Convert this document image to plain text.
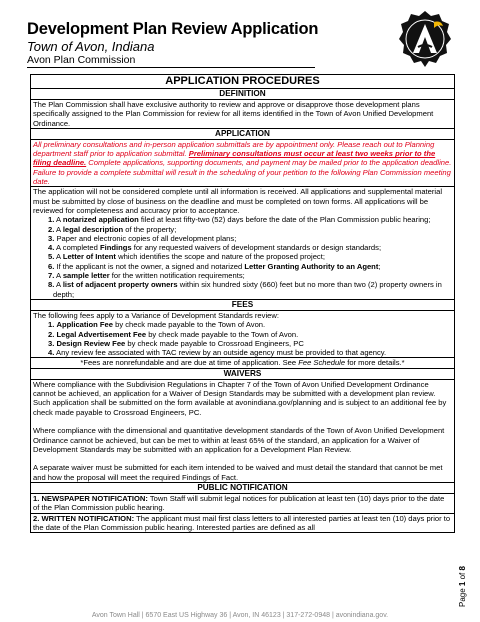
Development Plan Review Application
Town of Avon, Indiana
Avon Plan Commission
APPLICATION PROCEDURES
DEFINITION
The Plan Commission shall have exclusive authority to review and approve or disapprove those development plans specifically assigned to the Plan Commission for review for all items identified in the Town of Avon Unified Development Ordinance.
APPLICATION
All preliminary consultations and in-person application submittals are by appointment only. Please reach out to Planning department staff prior to application submittal. Preliminary consultations must occur at least two weeks prior to the filing deadline. Complete applications, supporting documents, and payment may be mailed prior to the application deadline. Failure to provide a complete submittal will result in the scheduling of your petition to the following Plan Commission meeting date.
The application will not be considered complete until all information is received. All applications and supplemental material must be submitted by close of business on the deadline and must be completed on town forms. All applications will be reviewed for completeness and accuracy prior to acceptance.
1. A notarized application filed at least fifty-two (52) days before the date of the Plan Commission public hearing;
2. A legal description of the property;
3. Paper and electronic copies of all development plans;
4. A completed Findings for any requested waivers of development standards or design standards;
5. A Letter of Intent which identifies the scope and nature of the proposed project;
6. If the applicant is not the owner, a signed and notarized Letter Granting Authority to an Agent;
7. A sample letter for the written notification requirements;
8. A list of adjacent property owners within six hundred sixty (660) feet but no more than two (2) property owners in depth;
FEES
The following fees apply to a Variance of Development Standards review:
1. Application Fee by check made payable to the Town of Avon.
2. Legal Advertisement Fee by check made payable to the Town of Avon.
3. Design Review Fee by check made payable to Crossroad Engineers, PC
4. Any review fee associated with TAC review by an outside agency must be provided to that agency.
*Fees are nonrefundable and are due at time of application. See Fee Schedule for more details.*
WAIVERS
Where compliance with the Subdivision Regulations in Chapter 7 of the Town of Avon Unified Development Ordinance cannot be achieved, an application for a Waiver of Design Standards may be submitted with a development plan review. Such application shall be submitted on the form available at avonindiana.gov/planning and is subject to an additional fee by check made payable to Crossroad Engineers, PC.
Where compliance with the dimensional and quantitative development standards of the Town of Avon Unified Development Ordinance cannot be achieved, but can be met to within at least 65% of the standard, an application for a Waiver of Development Standards may be submitted with an application for a Development Plan Review.
A separate waiver must be submitted for each item intended to be waived and must detail the standard that cannot be met and how the proposal will meet the required Findings of Fact.
PUBLIC NOTIFICATION
1. NEWSPAPER NOTIFICATION: Town Staff will submit legal notices for publication at least ten (10) days prior to the date of the Plan Commission public hearing.
2. WRITTEN NOTIFICATION: The applicant must mail first class letters to all interested parties at least ten (10) days prior to the date of the Plan Commission public hearing. Interested parties are defined as all
Page 1 of 8
Avon Town Hall | 6570 East US Highway 36 | Avon, IN 46123 | 317-272-0948 | avonindiana.gov.
